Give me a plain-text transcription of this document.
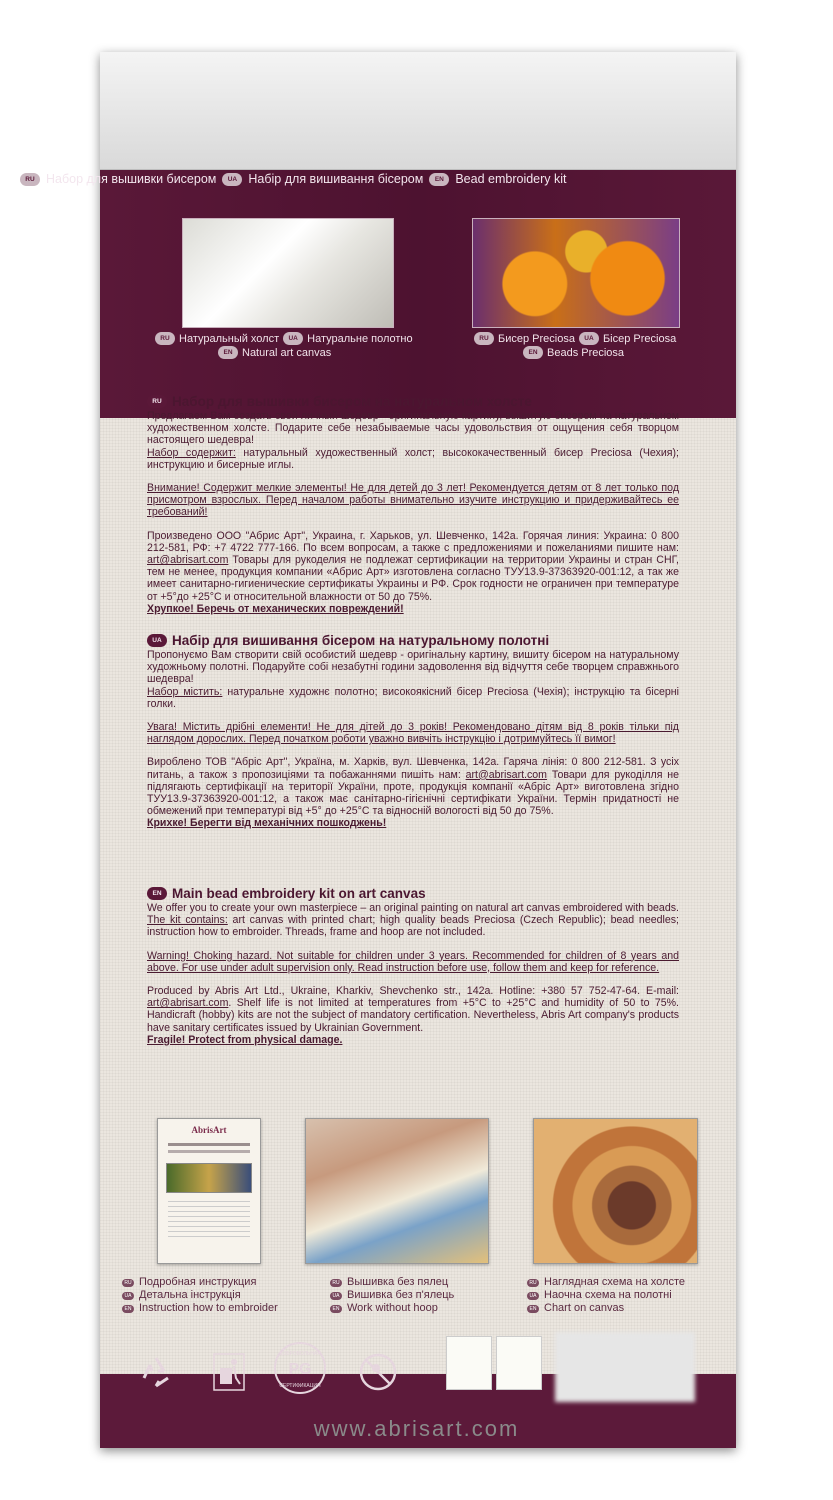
RU Набор для вышивки бисером	UA Набір для вишивання бісером	EN Bead embroidery kit
RU Натуральный холст	UA Натуральне полотно
EN Natural art canvas
RU Бисер Preciosa	UA Бісер Preciosa
EN Beads Preciosa
RU Набор для вышивки бисером на натуральном холсте
Предлагаем Вам создать свой личный шедевр - оригинальную картину, вышитую бисером на натуральном художественном холсте. Подарите себе незабываемые часы удовольствия от ощущения себя творцом настоящего шедевра!
Набор содержит: натуральный художественный холст; высококачественный бисер Preciosa (Чехия); инструкцию и бисерные иглы.
Внимание! Содержит мелкие элементы! Не для детей до 3 лет! Рекомендуется детям от 8 лет только под присмотром взрослых. Перед началом работы внимательно изучите инструкцию и придерживайтесь ее требований!
Произведено ООО "Абрис Арт", Украина, г. Харьков, ул. Шевченко, 142а. Горячая линия: Украина: 0 800 212-581, РФ: +7 4722 777-166. По всем вопросам, а также с предложениями и пожеланиями пишите нам: art@abrisart.com Товары для рукоделия не подлежат сертификации на территории Украины и стран СНГ, тем не менее, продукция компании «Абрис Арт» изготовлена согласно ТУУ13.9-37363920-001:12, а так же имеет санитарно-гигиенические сертификаты Украины и РФ. Срок годности не ограничен при температуре от +5°до +25°С и относительной влажности от 50 до 75%.
Хрупкое! Беречь от механических повреждений!
UA Набір для вишивання бісером на натуральному полотні
Пропонуємо Вам створити свій особистий шедевр - оригінальну картину, вишиту бісером на натуральному художньому полотні. Подаруйте собі незабутні години задоволення від відчуття себе творцем справжнього шедевра!
Набор містить: натуральне художнє полотно; високоякісний бісер Preciosa (Чехія); інструкцію та бісерні голки.
Увага! Містить дрібні елементи! Не для дітей до 3 років! Рекомендовано дітям від 8 років тільки під наглядом дорослих. Перед початком роботи уважно вивчіть інструкцію і дотримуйтесь її вимог!
Вироблено ТОВ "Абріс Арт", Україна, м. Харків, вул. Шевченка, 142а. Гаряча лінія: 0 800 212-581. З усіх питань, а також з пропозиціями та побажаннями пишіть нам: art@abrisart.com Товари для рукоділля не підлягають сертифікації на території України, проте, продукція компанії «Абріс Арт» виготовлена згідно ТУУ13.9-37363920-001:12, а також має санітарно-гігієнічні сертифікати України. Термін придатності не обмежений при температурі від +5° до +25°С та відносній вологості від 50 до 75%.
Крихке! Берегти від механічних пошкоджень!
EN Main bead embroidery kit on art canvas
We offer you to create your own masterpiece – an original painting on natural art canvas embroidered with beads.
The kit contains: art canvas with printed chart; high quality beads Preciosa (Czech Republic); bead needles; instruction how to embroider. Threads, frame and hoop are not included.
Warning! Choking hazard. Not suitable for children under 3 years. Recommended for children of 8 years and above. For use under adult supervision only. Read instruction before use, follow them and keep for reference.
Produced by Abris Art Ltd., Ukraine, Kharkiv, Shevchenko str., 142a. Hotline: +380 57 752-47-64. E-mail: art@abrisart.com. Shelf life is not limited at temperatures from +5°C to +25°C and humidity of 50 to 75%. Handicraft (hobby) kits are not the subject of mandatory certification. Nevertheless, Abris Art company's products have sanitary certificates issued by Ukrainian Government.
Fragile! Protect from physical damage.
AbrisArt
RU Подробная инструкция
UA Детальна інструкція
EN Instruction how to embroider
RU Вышивка без пялец
UA Вишивка без п'ялець
EN Work without hoop
RU Наглядная схема на холсте
UA Наочна схема на полотні
EN Chart on canvas
PG
ДОБРОВОЛЬНАЯ
СЕРТИФИКАЦИЯ
www.abrisart.com
